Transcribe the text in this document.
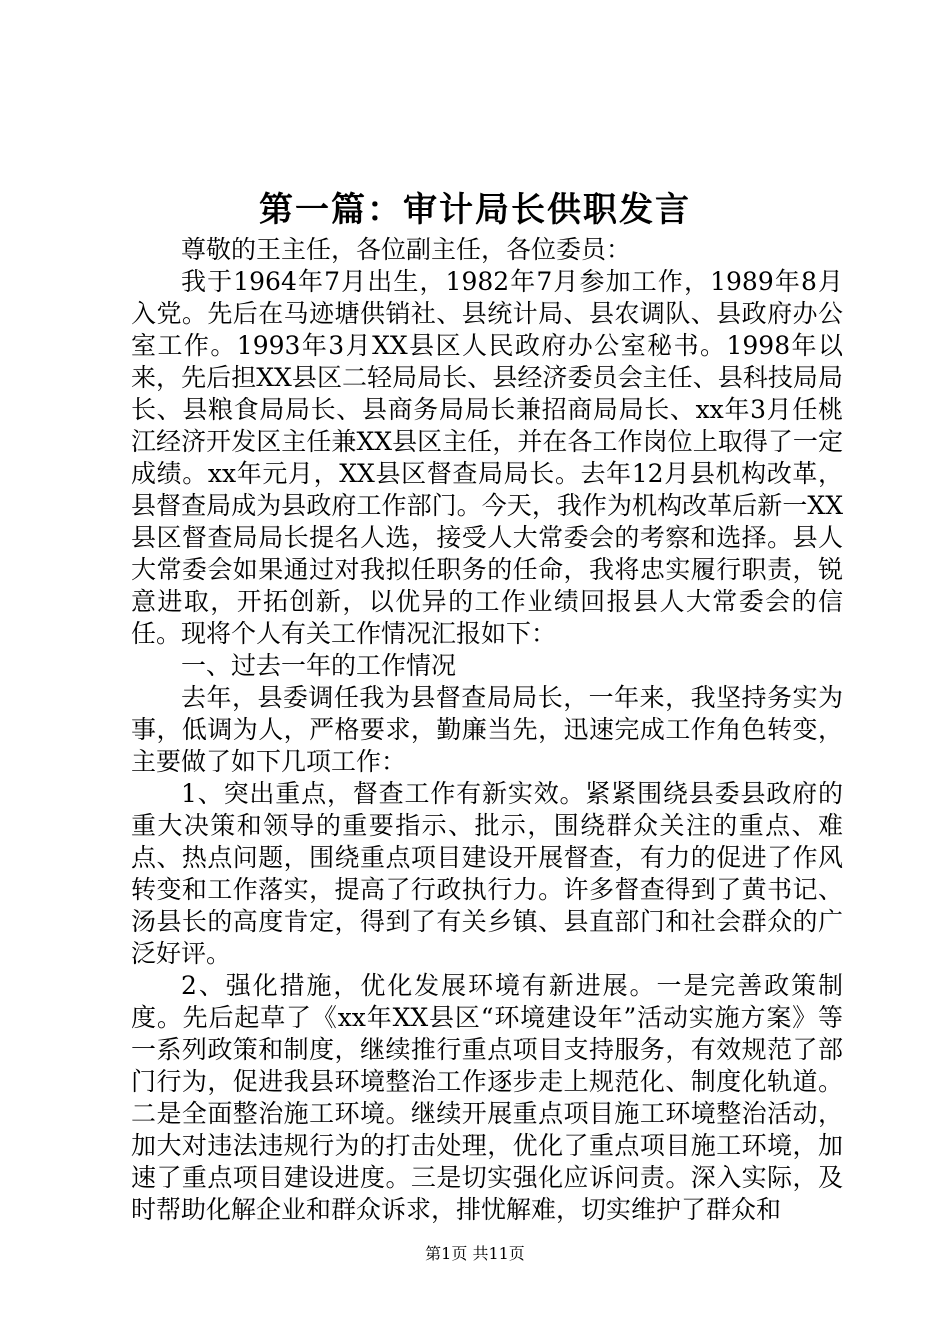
第一篇：审计局长供职发言

尊敬的王主任，各位副主任，各位委员：

我于1964年7月出生，1982年7月参加工作，1989年8月入党。先后在马迹塘供销社、县统计局、县农调队、县政府办公室工作。1993年3月XX县区人民政府办公室秘书。1998年以来，先后担XX县区二轻局局长、县经济委员会主任、县科技局局长、县粮食局局长、县商务局局长兼招商局局长、xx年3月任桃江经济开发区主任兼XX县区主任，并在各工作岗位上取得了一定成绩。xx年元月，XX县区督查局局长。去年12月县机构改革，县督查局成为县政府工作部门。今天，我作为机构改革后新一XX县区督查局局长提名人选，接受人大常委会的考察和选择。县人大常委会如果通过对我拟任职务的任命，我将忠实履行职责，锐意进取，开拓创新，以优异的工作业绩回报县人大常委会的信任。现将个人有关工作情况汇报如下：

一、过去一年的工作情况

去年，县委调任我为县督查局局长，一年来，我坚持务实为事，低调为人，严格要求，勤廉当先，迅速完成工作角色转变，主要做了如下几项工作：

1、突出重点，督查工作有新实效。紧紧围绕县委县政府的重大决策和领导的重要指示、批示，围绕群众关注的重点、难点、热点问题，围绕重点项目建设开展督查，有力的促进了作风转变和工作落实，提高了行政执行力。许多督查得到了黄书记、汤县长的高度肯定，得到了有关乡镇、县直部门和社会群众的广泛好评。

2、强化措施，优化发展环境有新进展。一是完善政策制度。先后起草了《xx年XX县区“环境建设年”活动实施方案》等一系列政策和制度，继续推行重点项目支持服务，有效规范了部门行为，促进我县环境整治工作逐步走上规范化、制度化轨道。二是全面整治施工环境。继续开展重点项目施工环境整治活动，加大对违法违规行为的打击处理，优化了重点项目施工环境，加速了重点项目建设进度。三是切实强化应诉问责。深入实际，及时帮助化解企业和群众诉求，排忧解难，切实维护了群众和

第1页 共11页
